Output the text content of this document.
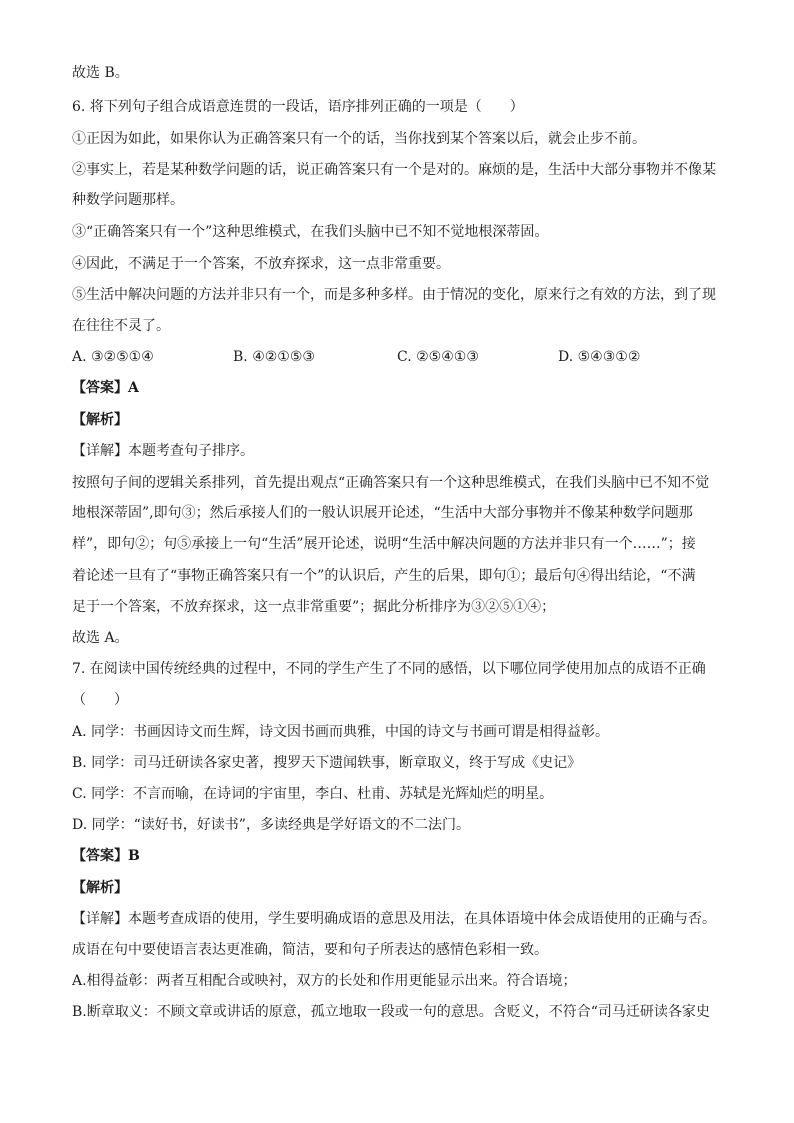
故选 B。
6. 将下列句子组合成语意连贯的一段话，语序排列正确的一项是（　　）
①正因为如此，如果你认为正确答案只有一个的话，当你找到某个答案以后，就会止步不前。
②事实上，若是某种数学问题的话，说正确答案只有一个是对的。麻烦的是，生活中大部分事物并不像某
种数学问题那样。
③“正确答案只有一个”这种思维模式，在我们头脑中已不知不觉地根深蒂固。
④因此，不满足于一个答案，不放弃探求，这一点非常重要。
⑤生活中解决问题的方法并非只有一个，而是多种多样。由于情况的变化，原来行之有效的方法，到了现
在往往不灵了。
A. ③②⑤①④	B. ④②①⑤③	C. ②⑤④①③	D. ⑤④③①②
【答案】A
【解析】
【详解】本题考查句子排序。
按照句子间的逻辑关系排列，首先提出观点“正确答案只有一个这种思维模式，在我们头脑中已不知不觉
地根深蒂固”,即句③；然后承接人们的一般认识展开论述，“生活中大部分事物并不像某种数学问题那
样”，即句②；句⑤承接上一句“生活”展开论述，说明“生活中解决问题的方法并非只有一个……”；接
着论述一旦有了“事物正确答案只有一个”的认识后，产生的后果，即句①；最后句④得出结论，“不满
足于一个答案，不放弃探求，这一点非常重要”；据此分析排序为③②⑤①④；
故选 A。
7. 在阅读中国传统经典的过程中，不同的学生产生了不同的感悟，以下哪位同学使用加点的成语不正确
（　　）
A. 同学：书画因诗文而生辉，诗文因书画而典雅，中国的诗文与书画可谓是相得益彰。
B. 同学：司马迁研读各家史著，搜罗天下遗闻轶事，断章取义，终于写成《史记》
C. 同学：不言而喻，在诗词的宇宙里，李白、杜甫、苏轼是光辉灿烂的明星。
D. 同学：“读好书，好读书”，多读经典是学好语文的不二法门。
【答案】B
【解析】
【详解】本题考查成语的使用，学生要明确成语的意思及用法，在具体语境中体会成语使用的正确与否。
成语在句中要使语言表达更准确，简洁，要和句子所表达的感情色彩相一致。
A.相得益彰：两者互相配合或映衬，双方的长处和作用更能显示出来。符合语境；
B.断章取义：不顾文章或讲话的原意，孤立地取一段或一句的意思。含贬义，不符合“司马迁研读各家史
